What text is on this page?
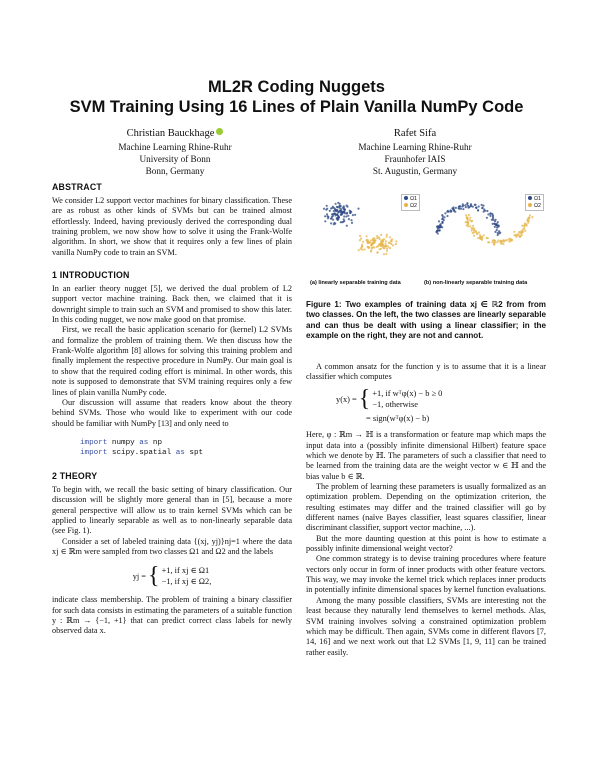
ML2R Coding Nuggets
SVM Training Using 16 Lines of Plain Vanilla NumPy Code
Christian Bauckhage
Machine Learning Rhine-Ruhr
University of Bonn
Bonn, Germany
Rafet Sifa
Machine Learning Rhine-Ruhr
Fraunhofer IAIS
St. Augustin, Germany
ABSTRACT

We consider L2 support vector machines for binary classification. These are as robust as other kinds of SVMs but can be trained almost effortlessly. Indeed, having previously derived the corresponding dual training problem, we now show how to solve it using the Frank-Wolfe algorithm. In short, we show that it requires only a few lines of plain vanilla NumPy code to train an SVM.

1 INTRODUCTION

In an earlier theory nugget [5], we derived the dual problem of L2 support vector machine training. Back then, we claimed that it is downright simple to train such an SVM and promised to show this later. In this coding nugget, we now make good on that promise.

First, we recall the basic application scenario for (kernel) L2 SVMs and formalize the problem of training them. We then discuss how the Frank-Wolfe algorithm [8] allows for solving this training problem and finally implement the respective procedure in NumPy. Our main goal is to show that the required coding effort is minimal. In other words, this note is supposed to demonstrate that SVM training requires only a few lines of plain vanilla NumPy code.

Our discussion will assume that readers know about the theory behind SVMs. Those who would like to experiment with our code should be familiar with NumPy [13] and only need to

import numpy as np
import scipy.spatial as spt
2 THEORY

To begin with, we recall the basic setting of binary classification. Our discussion will be slightly more general than in [5], because a more general perspective will allow us to train kernel SVMs which can be applied to linearly separable as well as to non-linearly separable data (see Fig. 1).

Consider a set of labeled training data {(xj, yj)}nj=1 where the data xj ∈ ℝm were sampled from two classes Ω1 and Ω2 and the labels

yj = { +1, if xj ∈ Ω1
−1, if xj ∈ Ω2,

indicate class membership. The problem of training a binary classifier for such data consists in estimating the parameters of a suitable function y : ℝm → {−1, +1} that can predict correct class labels for newly observed data x.

Ω1
Ω2
Ω1
Ω2
(a) linearly separable training data	(b) non-linearly separable training data

Figure 1: Two examples of training data xj ∈ ℝ2 from from two classes. On the left, the two classes are linearly separable and can thus be dealt with using a linear classifier; in the example on the right, they are not and cannot.

A common ansatz for the function y is to assume that it is a linear classifier which computes

y(x) = { +1, if wᵀφ(x) − b ≥ 0
−1, otherwise
= sign(wᵀφ(x) − b)

Here, φ : ℝm → ℍ is a transformation or feature map which maps the input data into a (possibly infinite dimensional Hilbert) feature space which we denote by ℍ. The parameters of such a classifier that need to be learned from the training data are the weight vector w ∈ ℍ and the bias value b ∈ ℝ.

The problem of learning these parameters is usually formalized as an optimization problem. Depending on the optimization criterion, the resulting estimates may differ and the trained classifier will go by different names (naïve Bayes classifier, least squares classifier, linear discriminant classifier, support vector machine, ...).

But the more daunting question at this point is how to estimate a possibly infinite dimensional weight vector?

One common strategy is to devise training procedures where feature vectors only occur in form of inner products with other feature vectors. This way, we may invoke the kernel trick which replaces inner products in potentially infinite dimensional spaces by kernel function evaluations.

Among the many possible classifiers, SVMs are interesting not the least because they naturally lend themselves to kernel methods. Alas, SVM training involves solving a constrained optimization problem which may be difficult. Then again, SVMs come in different flavors [7, 14, 16] and we next work out that L2 SVMs [1, 9, 11] can be trained rather easily.
